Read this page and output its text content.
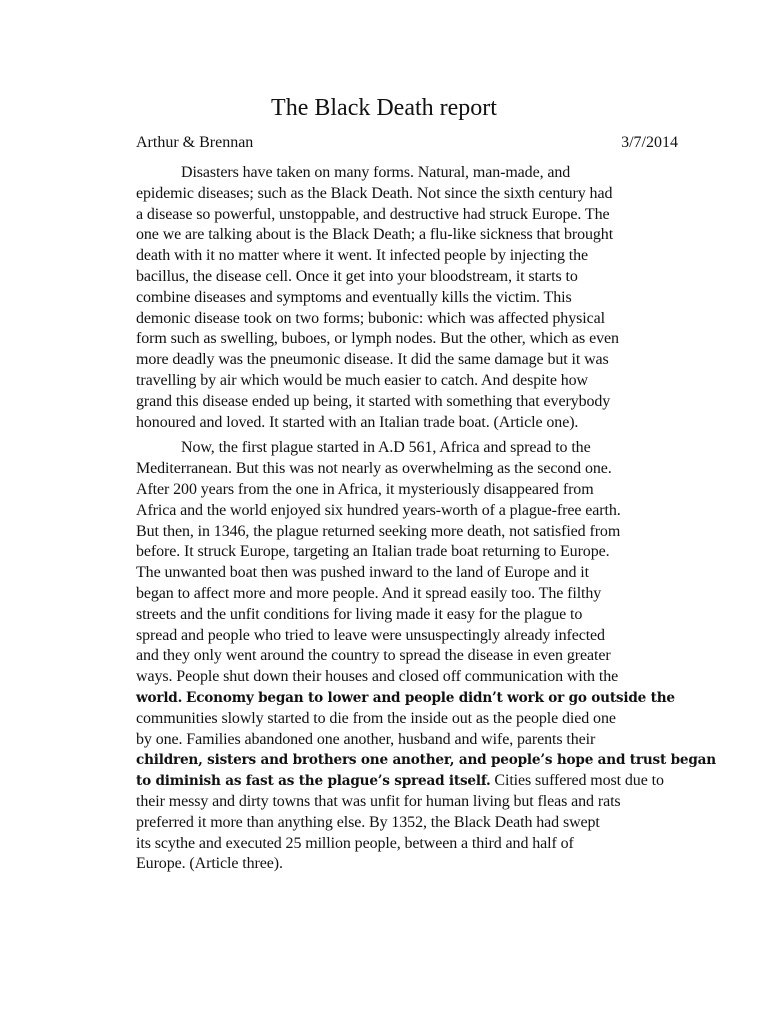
The Black Death report
Arthur & Brennan	3/7/2014
Disasters have taken on many forms. Natural, man-made, and
epidemic diseases; such as the Black Death. Not since the sixth century had
a disease so powerful, unstoppable, and destructive had struck Europe. The
one we are talking about is the Black Death; a flu-like sickness that brought
death with it no matter where it went. It infected people by injecting the
bacillus, the disease cell. Once it get into your bloodstream, it starts to
combine diseases and symptoms and eventually kills the victim. This
demonic disease took on two forms; bubonic: which was affected physical
form such as swelling, buboes, or lymph nodes. But the other, which as even
more deadly was the pneumonic disease. It did the same damage but it was
travelling by air which would be much easier to catch. And despite how
grand this disease ended up being, it started with something that everybody
honoured and loved. It started with an Italian trade boat. (Article one).
Now, the first plague started in A.D 561, Africa and spread to the
Mediterranean. But this was not nearly as overwhelming as the second one.
After 200 years from the one in Africa, it mysteriously disappeared from
Africa and the world enjoyed six hundred years-worth of a plague-free earth.
But then, in 1346, the plague returned seeking more death, not satisfied from
before. It struck Europe, targeting an Italian trade boat returning to Europe.
The unwanted boat then was pushed inward to the land of Europe and it
began to affect more and more people. And it spread easily too. The filthy
streets and the unfit conditions for living made it easy for the plague to
spread and people who tried to leave were unsuspectingly already infected
and they only went around the country to spread the disease in even greater
ways. People shut down their houses and closed off communication with the
world. Economy began to lower and people didn’t work or go outside the
communities slowly started to die from the inside out as the people died one
by one. Families abandoned one another, husband and wife, parents their
children, sisters and brothers one another, and people’s hope and trust began
to diminish as fast as the plague’s spread itself. Cities suffered most due to
their messy and dirty towns that was unfit for human living but fleas and rats
preferred it more than anything else. By 1352, the Black Death had swept
its scythe and executed 25 million people, between a third and half of
Europe. (Article three).
